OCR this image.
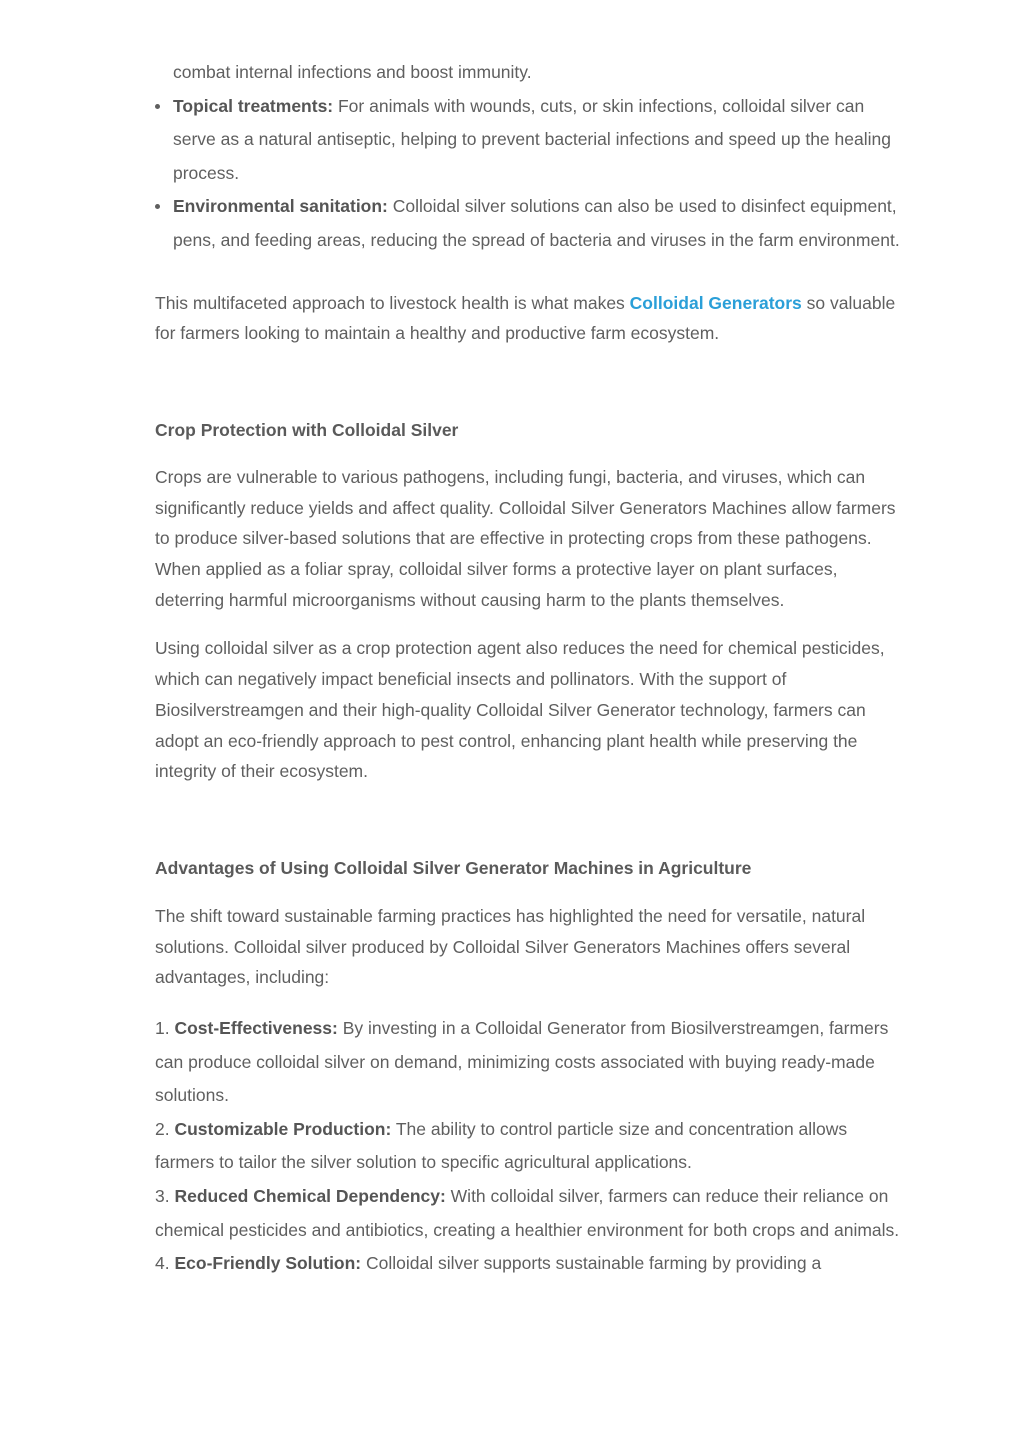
combat internal infections and boost immunity.
Topical treatments: For animals with wounds, cuts, or skin infections, colloidal silver can serve as a natural antiseptic, helping to prevent bacterial infections and speed up the healing process.
Environmental sanitation: Colloidal silver solutions can also be used to disinfect equipment, pens, and feeding areas, reducing the spread of bacteria and viruses in the farm environment.

This multifaceted approach to livestock health is what makes Colloidal Generators so valuable for farmers looking to maintain a healthy and productive farm ecosystem.

Crop Protection with Colloidal Silver

Crops are vulnerable to various pathogens, including fungi, bacteria, and viruses, which can significantly reduce yields and affect quality. Colloidal Silver Generators Machines allow farmers to produce silver-based solutions that are effective in protecting crops from these pathogens. When applied as a foliar spray, colloidal silver forms a protective layer on plant surfaces, deterring harmful microorganisms without causing harm to the plants themselves.

Using colloidal silver as a crop protection agent also reduces the need for chemical pesticides, which can negatively impact beneficial insects and pollinators. With the support of Biosilverstreamgen and their high-quality Colloidal Silver Generator technology, farmers can adopt an eco-friendly approach to pest control, enhancing plant health while preserving the integrity of their ecosystem.

Advantages of Using Colloidal Silver Generator Machines in Agriculture

The shift toward sustainable farming practices has highlighted the need for versatile, natural solutions. Colloidal silver produced by Colloidal Silver Generators Machines offers several advantages, including:

1. Cost-Effectiveness: By investing in a Colloidal Generator from Biosilverstreamgen, farmers can produce colloidal silver on demand, minimizing costs associated with buying ready-made solutions.
2. Customizable Production: The ability to control particle size and concentration allows farmers to tailor the silver solution to specific agricultural applications.
3. Reduced Chemical Dependency: With colloidal silver, farmers can reduce their reliance on chemical pesticides and antibiotics, creating a healthier environment for both crops and animals.
4. Eco-Friendly Solution: Colloidal silver supports sustainable farming by providing a
